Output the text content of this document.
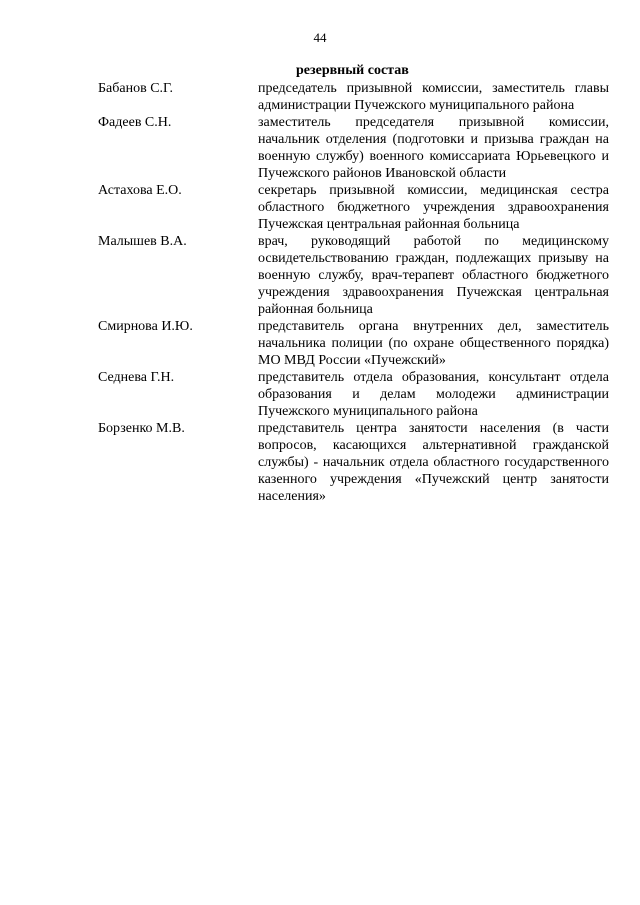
44
резервный состав
Бабанов С.Г.	председатель призывной комиссии, заместитель главы администрации Пучежского муниципального района
Фадеев С.Н.	заместитель председателя призывной комиссии, начальник отделения (подготовки и призыва граждан на военную службу) военного комиссариата Юрьевецкого и Пучежского районов Ивановской области
Астахова Е.О.	секретарь призывной комиссии, медицинская сестра областного бюджетного учреждения здравоохранения Пучежская центральная районная больница
Малышев В.А.	врач, руководящий работой по медицинскому освидетельствованию граждан, подлежащих призыву на военную службу, врач-терапевт областного бюджетного учреждения здравоохранения Пучежская центральная районная больница
Смирнова И.Ю.	представитель органа внутренних дел, заместитель начальника полиции (по охране общественного порядка) МО МВД России «Пучежский»
Седнева Г.Н.	представитель отдела образования, консультант отдела образования и делам молодежи администрации Пучежского муниципального района
Борзенко М.В.	представитель центра занятости населения (в части вопросов, касающихся альтернативной гражданской службы) - начальник отдела областного государственного казенного учреждения «Пучежский центр занятости населения»
